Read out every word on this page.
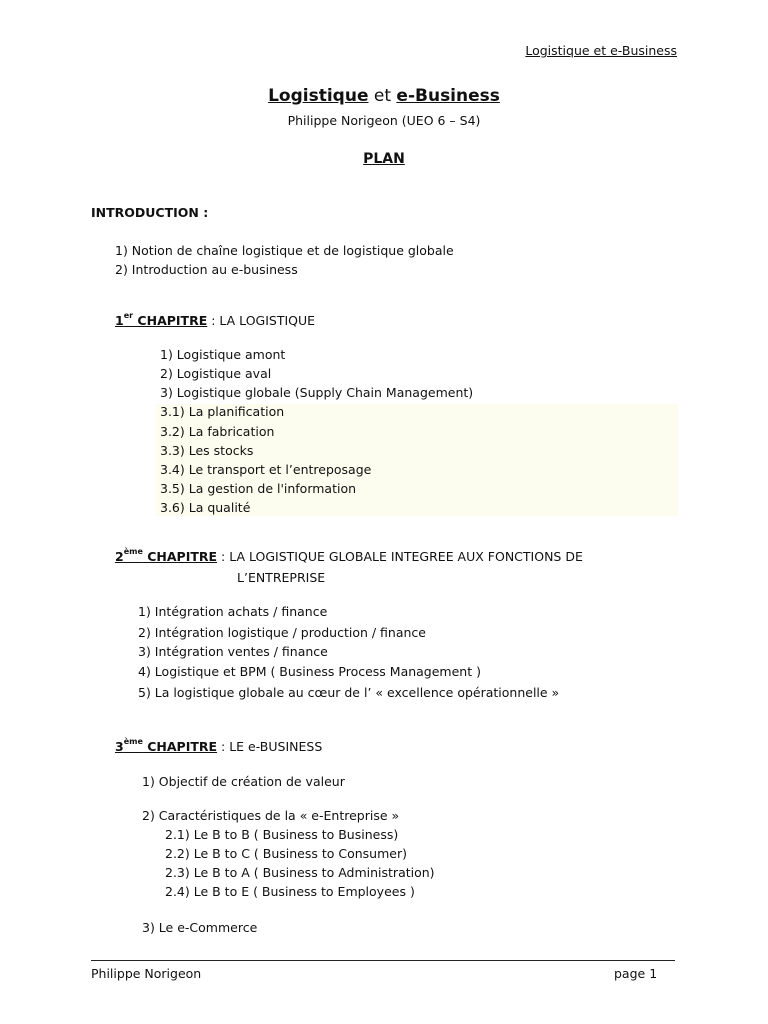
Logistique et e-Business
Logistique et e-Business
Philippe Norigeon (UEO 6 – S4)
PLAN
INTRODUCTION :
1) Notion de chaîne logistique et de logistique globale
2) Introduction au e-business
1er CHAPITRE : LA LOGISTIQUE
1) Logistique amont
2) Logistique aval
3) Logistique globale (Supply Chain Management)
3.1) La planification
3.2) La fabrication
3.3) Les stocks
3.4) Le transport et l’entreposage
3.5) La gestion de l'information
3.6) La qualité
2ème CHAPITRE : LA LOGISTIQUE GLOBALE INTEGREE AUX FONCTIONS DE
L’ENTREPRISE
1) Intégration achats / finance
2) Intégration logistique / production / finance
3) Intégration ventes / finance
4) Logistique et BPM ( Business Process Management )
5) La logistique globale au cœur de l’ « excellence opérationnelle »
3ème CHAPITRE : LE e-BUSINESS
1) Objectif de création de valeur
2) Caractéristiques de la « e-Entreprise »
2.1) Le B to B ( Business to Business)
2.2) Le B to C ( Business to Consumer)
2.3) Le B to A ( Business to Administration)
2.4) Le B to E ( Business to Employees )
3) Le e-Commerce
Philippe Norigeon	page 1
